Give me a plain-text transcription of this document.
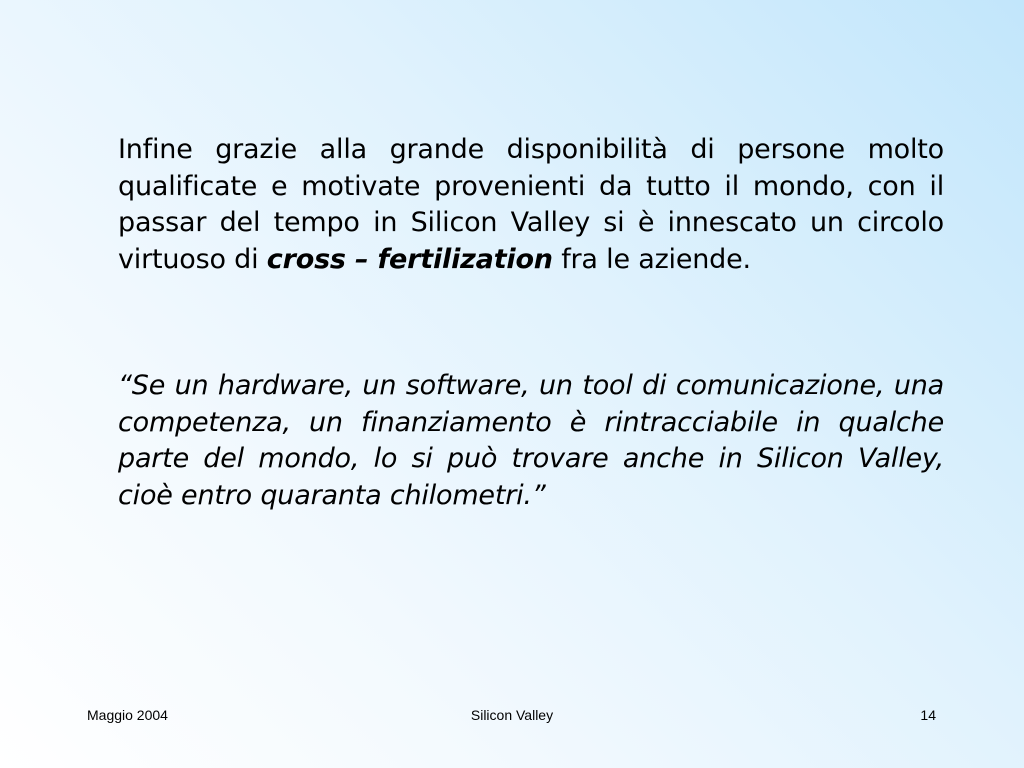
Infine grazie alla grande disponibilità di persone molto qualificate e motivate provenienti da tutto il mondo, con il passar del tempo in Silicon Valley si è innescato un circolo virtuoso di cross – fertilization fra le aziende.

“Se un hardware, un software, un tool di comunicazione, una competenza, un finanziamento è rintracciabile in qualche parte del mondo, lo si può trovare anche in Silicon Valley, cioè entro quaranta chilometri.”

Maggio 2004	Silicon Valley	14
